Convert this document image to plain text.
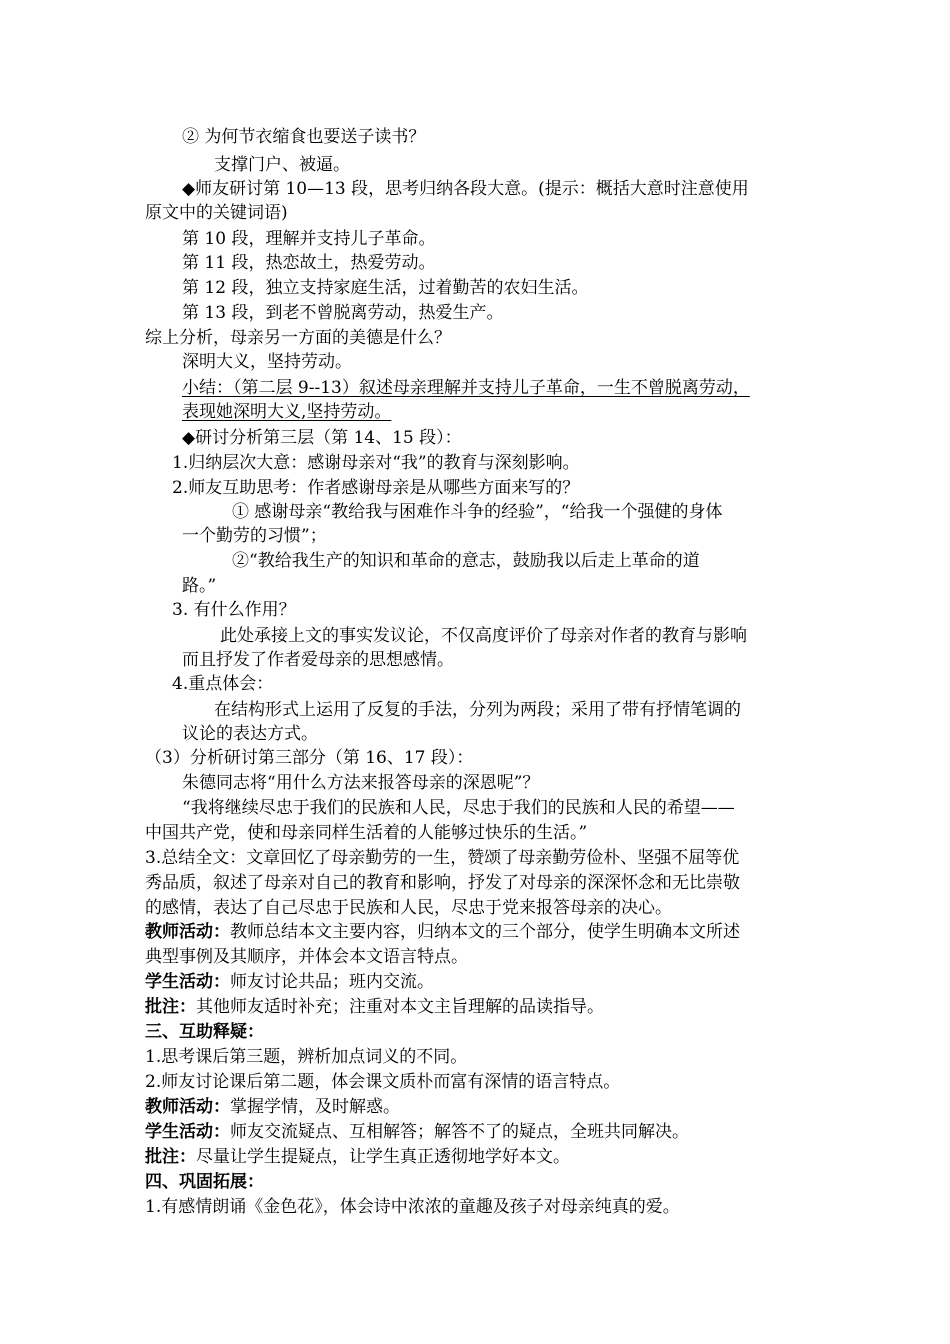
② 为何节衣缩食也要送子读书？
支撑门户、被逼。
◆师友研讨第 10—13 段，思考归纳各段大意。(提示：概括大意时注意使用
原文中的关键词语)
第 10 段，理解并支持儿子革命。
第 11 段，热恋故土，热爱劳动。
第 12 段，独立支持家庭生活，过着勤苦的农妇生活。
第 13 段，到老不曾脱离劳动，热爱生产。
综上分析，母亲另一方面的美德是什么？
深明大义，坚持劳动。
小结：（第二层 9--13）叙述母亲理解并支持儿子革命，一生不曾脱离劳动，
表现她深明大义,坚持劳动。
◆研讨分析第三层（第 14、15 段）：
1.归纳层次大意：感谢母亲对“我”的教育与深刻影响。
2.师友互助思考：作者感谢母亲是从哪些方面来写的？
① 感谢母亲“教给我与困难作斗争的经验”，“给我一个强健的身体
一个勤劳的习惯”；
②“教给我生产的知识和革命的意志，鼓励我以后走上革命的道
路。”
3. 有什么作用？
此处承接上文的事实发议论，不仅高度评价了母亲对作者的教育与影响
而且抒发了作者爱母亲的思想感情。
4.重点体会：
在结构形式上运用了反复的手法，分列为两段；采用了带有抒情笔调的
议论的表达方式。
（3）分析研讨第三部分（第 16、17 段）：
朱德同志将“用什么方法来报答母亲的深恩呢”？
“我将继续尽忠于我们的民族和人民，尽忠于我们的民族和人民的希望——
中国共产党，使和母亲同样生活着的人能够过快乐的生活。”
3.总结全文：文章回忆了母亲勤劳的一生，赞颂了母亲勤劳俭朴、坚强不屈等优
秀品质，叙述了母亲对自己的教育和影响，抒发了对母亲的深深怀念和无比崇敬
的感情，表达了自己尽忠于民族和人民，尽忠于党来报答母亲的决心。
教师活动：教师总结本文主要内容，归纳本文的三个部分，使学生明确本文所述
典型事例及其顺序，并体会本文语言特点。
学生活动：师友讨论共品；班内交流。
批注：其他师友适时补充；注重对本文主旨理解的品读指导。
三、互助释疑：
1.思考课后第三题，辨析加点词义的不同。
2.师友讨论课后第二题，体会课文质朴而富有深情的语言特点。
教师活动：掌握学情，及时解惑。
学生活动：师友交流疑点、互相解答；解答不了的疑点，全班共同解决。
批注：尽量让学生提疑点，让学生真正透彻地学好本文。
四、巩固拓展：
1.有感情朗诵《金色花》，体会诗中浓浓的童趣及孩子对母亲纯真的爱。
